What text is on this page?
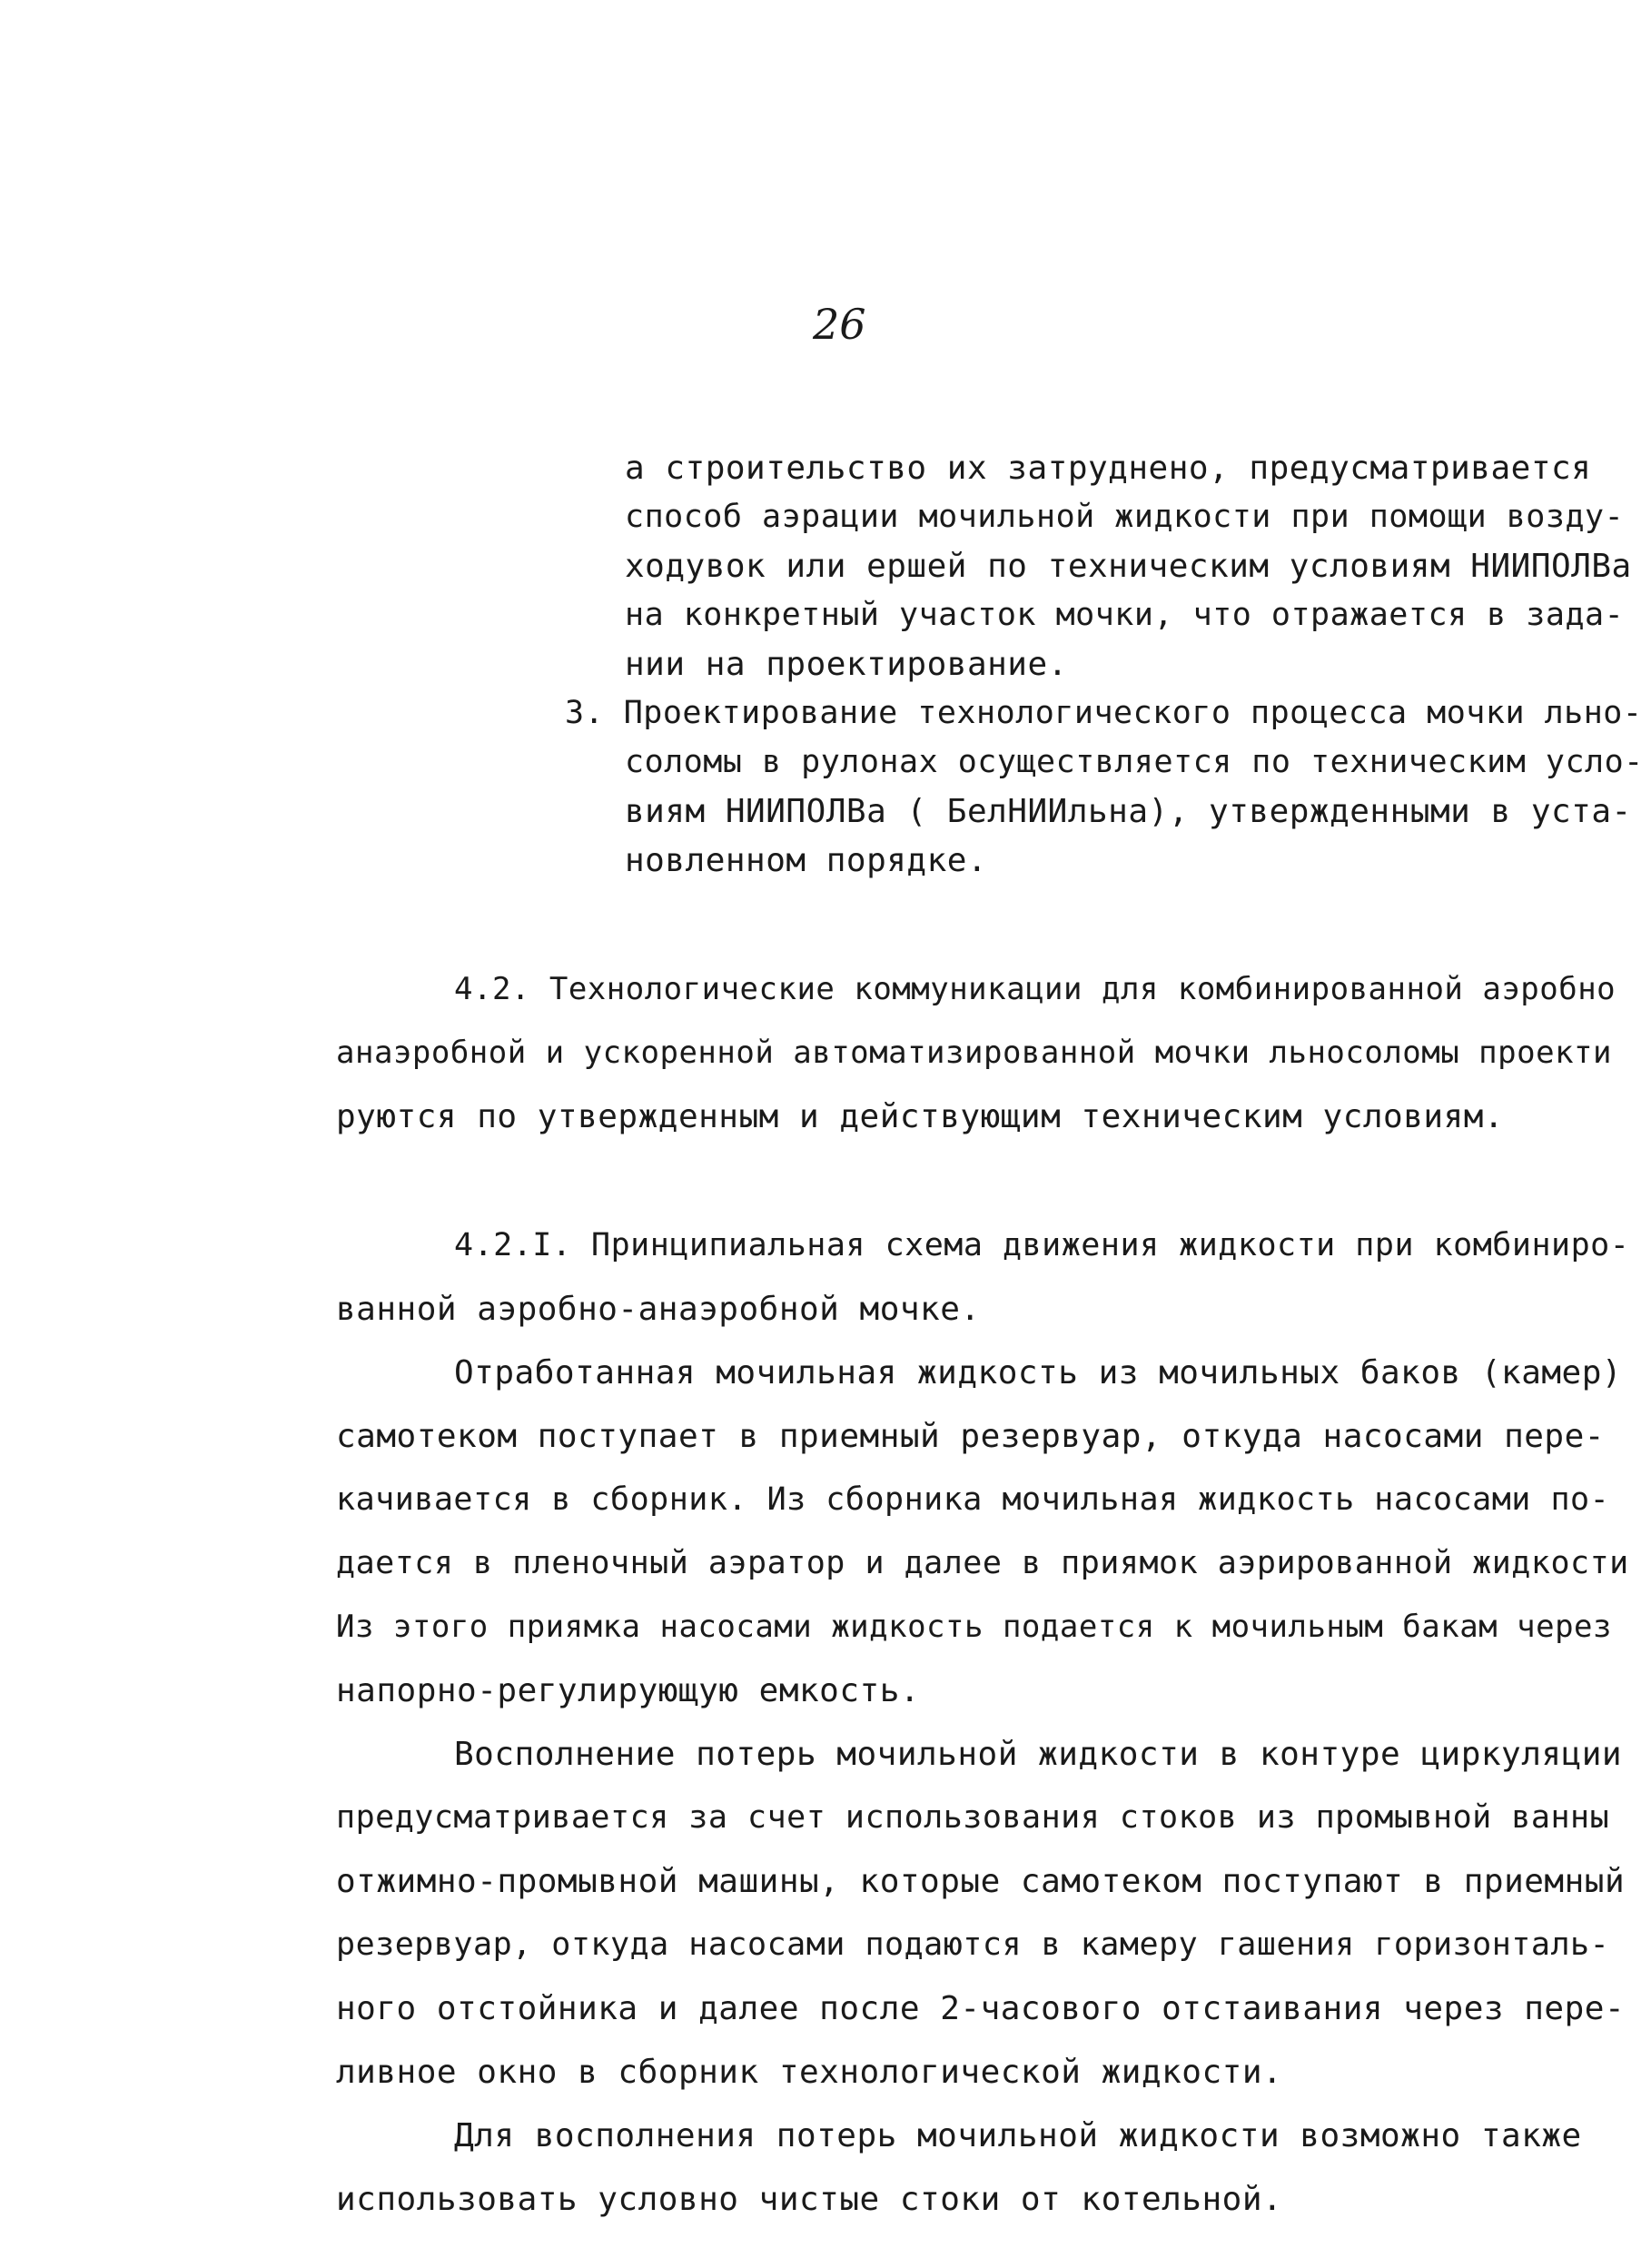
26
а строительство их затруднено, предусматривается
способ аэрации мочильной жидкости при помощи возду-
ходувок или ершей по техническим условиям НИИПОЛВа
на конкретный участок мочки, что отражается в зада-
нии на проектирование.
3. Проектирование технологического процесса мочки льно-
соломы в рулонах осуществляется по техническим усло-
виям НИИПОЛВа ( БелНИИльна), утвержденными в уста-
новленном порядке.
4.2. Технологические коммуникации для комбинированной аэробно
анаэробной и ускоренной автоматизированной мочки льносоломы проекти
руются по утвержденным и действующим техническим условиям.
4.2.I. Принципиальная схема движения жидкости при комбиниро-
ванной аэробно-анаэробной мочке.
Отработанная мочильная жидкость из мочильных баков (камер)
самотеком поступает в приемный резервуар, откуда насосами пере-
качивается в сборник. Из сборника мочильная жидкость насосами по-
дается в пленочный аэратор и далее в приямок аэрированной жидкости
Из этого приямка насосами жидкость подается к мочильным бакам через
напорно-регулирующую емкость.
Восполнение потерь мочильной жидкости в контуре циркуляции
предусматривается за счет использования стоков из промывной ванны
отжимно-промывной машины, которые самотеком поступают в приемный
резервуар, откуда насосами подаются в камеру гашения горизонталь-
ного отстойника и далее после 2-часового отстаивания через пере-
ливное окно в сборник технологической жидкости.
Для восполнения потерь мочильной жидкости возможно также
использовать условно чистые стоки от котельной.
